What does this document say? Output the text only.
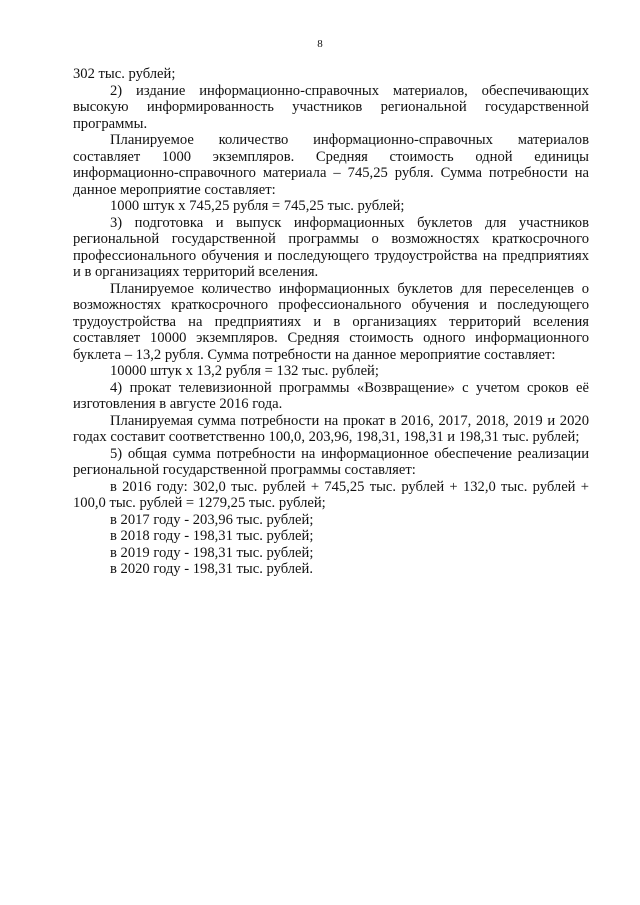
8

302 тыс. рублей;

2) издание информационно-справочных материалов, обеспечивающих высокую информированность участников региональной государственной программы.

Планируемое количество информационно-справочных материалов составляет 1000 экземпляров. Средняя стоимость одной единицы информационно-справочного материала – 745,25 рубля. Сумма потребности на данное мероприятие составляет:

1000 штук х 745,25 рубля = 745,25 тыс. рублей;

3) подготовка и выпуск информационных буклетов для участников региональной государственной программы о возможностях краткосрочного профессионального обучения и последующего трудоустройства на предприятиях и в организациях территорий вселения.

Планируемое количество информационных буклетов для переселенцев о возможностях краткосрочного профессионального обучения и последующего трудоустройства на предприятиях и в организациях территорий вселения составляет 10000 экземпляров. Средняя стоимость одного информационного буклета – 13,2 рубля. Сумма потребности на данное мероприятие составляет:

10000 штук х 13,2 рубля = 132 тыс. рублей;

4) прокат телевизионной программы «Возвращение» с учетом сроков её изготовления в августе 2016 года.

Планируемая сумма потребности на прокат в 2016, 2017, 2018, 2019 и 2020 годах составит соответственно 100,0, 203,96, 198,31, 198,31 и 198,31 тыс. рублей;

5) общая сумма потребности на информационное обеспечение реализации региональной государственной программы составляет:

в 2016 году: 302,0 тыс. рублей + 745,25 тыс. рублей + 132,0 тыс. рублей + 100,0 тыс. рублей = 1279,25 тыс. рублей;

в 2017 году - 203,96 тыс. рублей;

в 2018 году - 198,31 тыс. рублей;

в 2019 году - 198,31 тыс. рублей;

в 2020 году - 198,31 тыс. рублей.
